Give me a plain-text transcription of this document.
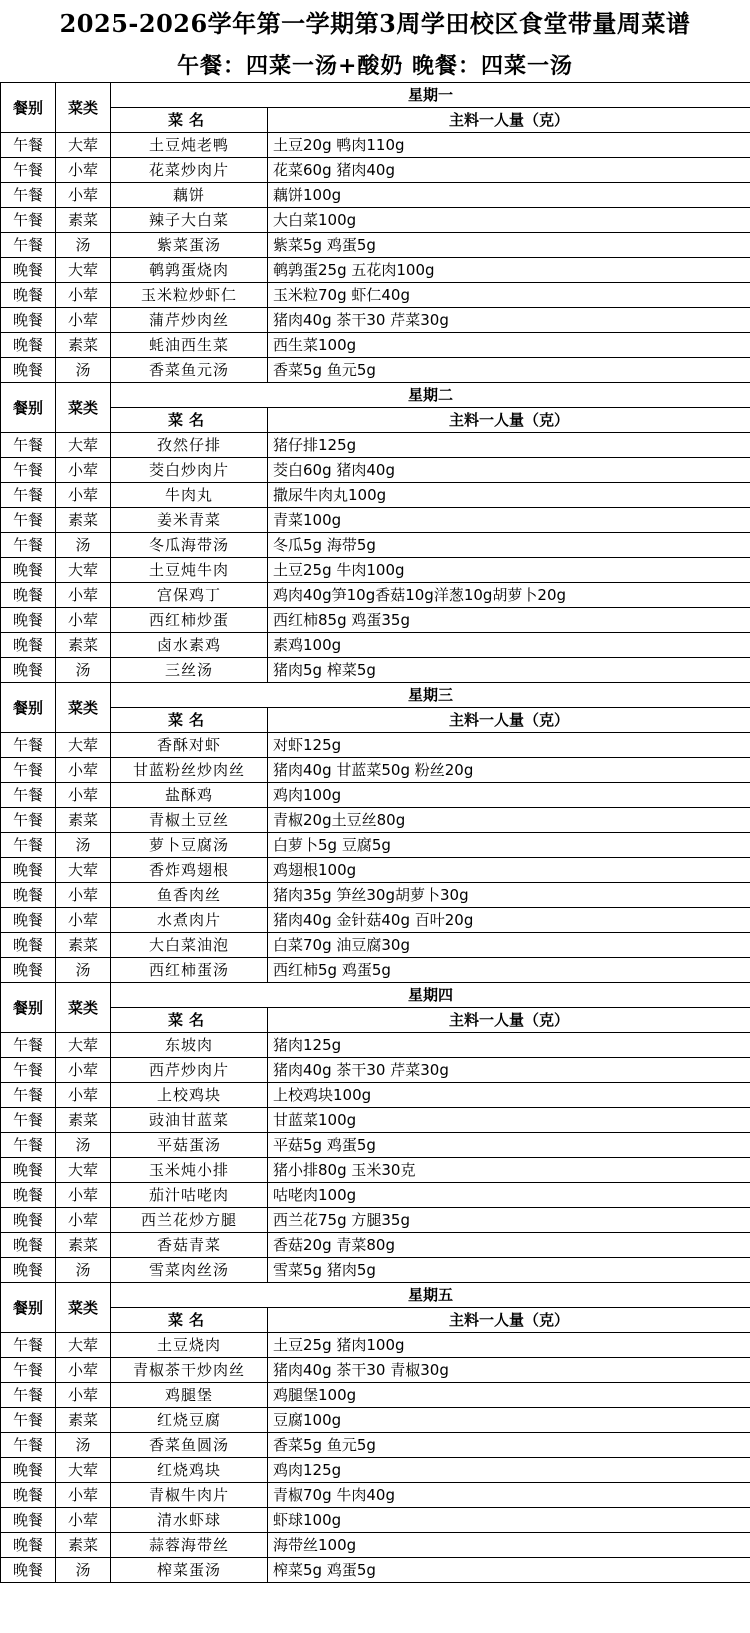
2025-2026学年第一学期第3周学田校区食堂带量周菜谱
午餐：四菜一汤+酸奶 晚餐：四菜一汤
餐别	菜类	星期一	
		菜名	主料一人量（克）
午餐	大荤	土豆炖老鸭	土豆20g 鸭肉110g
午餐	小荤	花菜炒肉片	花菜60g 猪肉40g
午餐	小荤	藕饼	藕饼100g
午餐	素菜	辣子大白菜	大白菜100g
午餐	汤	紫菜蛋汤	紫菜5g 鸡蛋5g
晚餐	大荤	鹌鹑蛋烧肉	鹌鹑蛋25g 五花肉100g
晚餐	小荤	玉米粒炒虾仁	玉米粒70g 虾仁40g
晚餐	小荤	蒲芹炒肉丝	猪肉40g 茶干30 芹菜30g
晚餐	素菜	蚝油西生菜	西生菜100g
晚餐	汤	香菜鱼元汤	香菜5g 鱼元5g
餐别	菜类	星期二	
		菜名	主料一人量（克）
午餐	大荤	孜然仔排	猪仔排125g
午餐	小荤	茭白炒肉片	茭白60g 猪肉40g
午餐	小荤	牛肉丸	撒尿牛肉丸100g
午餐	素菜	姜米青菜	青菜100g
午餐	汤	冬瓜海带汤	冬瓜5g 海带5g
晚餐	大荤	土豆炖牛肉	土豆25g 牛肉100g
晚餐	小荤	宫保鸡丁	鸡肉40g笋10g香菇10g洋葱10g胡萝卜20g
晚餐	小荤	西红柿炒蛋	西红柿85g 鸡蛋35g
晚餐	素菜	卤水素鸡	素鸡100g
晚餐	汤	三丝汤	猪肉5g 榨菜5g
餐别	菜类	星期三	
		菜名	主料一人量（克）
午餐	大荤	香酥对虾	对虾125g
午餐	小荤	甘蓝粉丝炒肉丝	猪肉40g 甘蓝菜50g 粉丝20g
午餐	小荤	盐酥鸡	鸡肉100g
午餐	素菜	青椒土豆丝	青椒20g土豆丝80g
午餐	汤	萝卜豆腐汤	白萝卜5g 豆腐5g
晚餐	大荤	香炸鸡翅根	鸡翅根100g
晚餐	小荤	鱼香肉丝	猪肉35g 笋丝30g胡萝卜30g
晚餐	小荤	水煮肉片	猪肉40g 金针菇40g 百叶20g
晚餐	素菜	大白菜油泡	白菜70g 油豆腐30g
晚餐	汤	西红柿蛋汤	西红柿5g 鸡蛋5g
餐别	菜类	星期四	
		菜名	主料一人量（克）
午餐	大荤	东坡肉	猪肉125g
午餐	小荤	西芹炒肉片	猪肉40g 茶干30 芹菜30g
午餐	小荤	上校鸡块	上校鸡块100g
午餐	素菜	豉油甘蓝菜	甘蓝菜100g
午餐	汤	平菇蛋汤	平菇5g 鸡蛋5g
晚餐	大荤	玉米炖小排	猪小排80g 玉米30克
晚餐	小荤	茄汁咕咾肉	咕咾肉100g
晚餐	小荤	西兰花炒方腿	西兰花75g 方腿35g
晚餐	素菜	香菇青菜	香菇20g 青菜80g
晚餐	汤	雪菜肉丝汤	雪菜5g 猪肉5g
餐别	菜类	星期五	
		菜名	主料一人量（克）
午餐	大荤	土豆烧肉	土豆25g 猪肉100g
午餐	小荤	青椒茶干炒肉丝	猪肉40g 茶干30 青椒30g
午餐	小荤	鸡腿堡	鸡腿堡100g
午餐	素菜	红烧豆腐	豆腐100g
午餐	汤	香菜鱼圆汤	香菜5g 鱼元5g
晚餐	大荤	红烧鸡块	鸡肉125g
晚餐	小荤	青椒牛肉片	青椒70g 牛肉40g
晚餐	小荤	清水虾球	虾球100g
晚餐	素菜	蒜蓉海带丝	海带丝100g
晚餐	汤	榨菜蛋汤	榨菜5g 鸡蛋5g
